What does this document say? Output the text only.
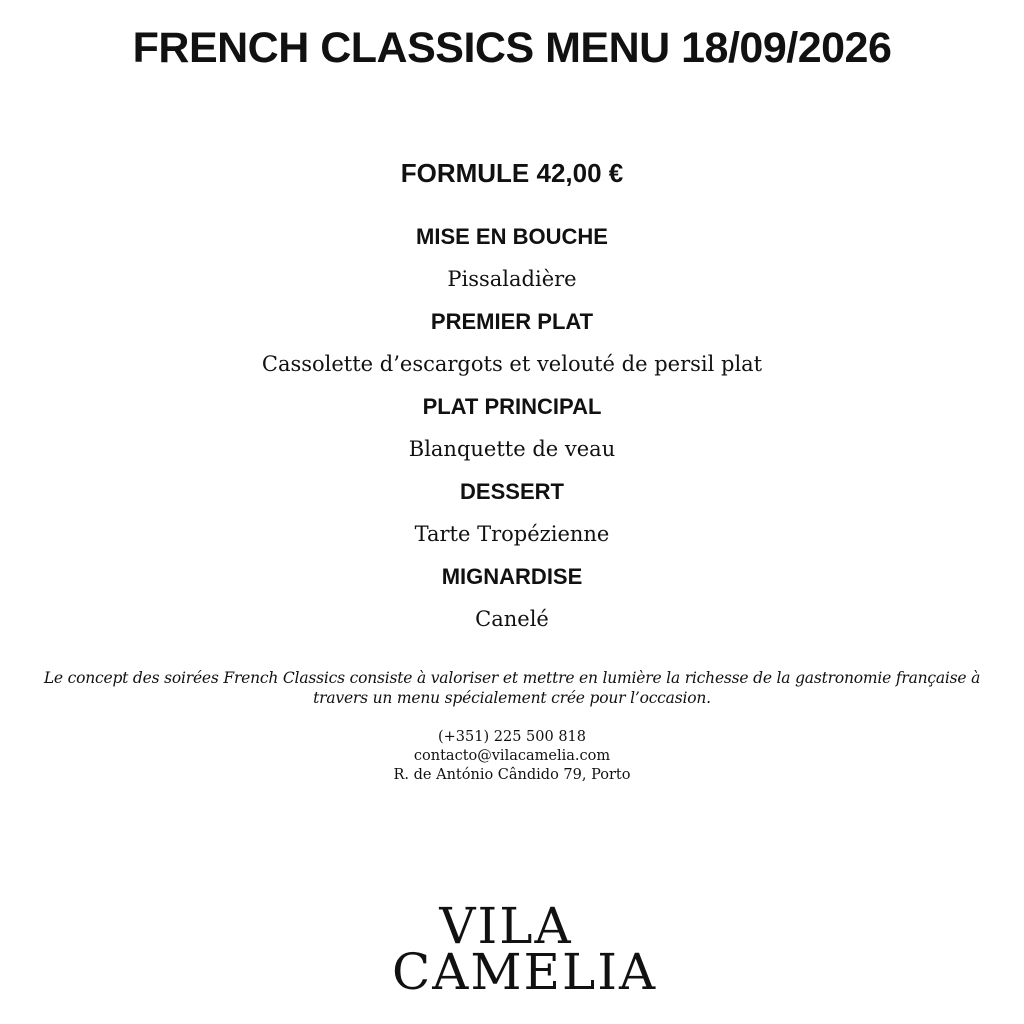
FRENCH CLASSICS MENU 18/09/2026
FORMULE 42,00 €
MISE EN BOUCHE

Pissaladière

PREMIER PLAT

Cassolette d’escargots et velouté de persil plat

PLAT PRINCIPAL

Blanquette de veau

DESSERT

Tarte Tropézienne

MIGNARDISE

Canelé

Le concept des soirées French Classics consiste à valoriser et mettre en lumière la richesse de la gastronomie française à
travers un menu spécialement crée pour l’occasion.

(+351) 225 500 818
contacto@vilacamelia.com
R. de António Cândido 79, Porto
VILA
CAMELIA
